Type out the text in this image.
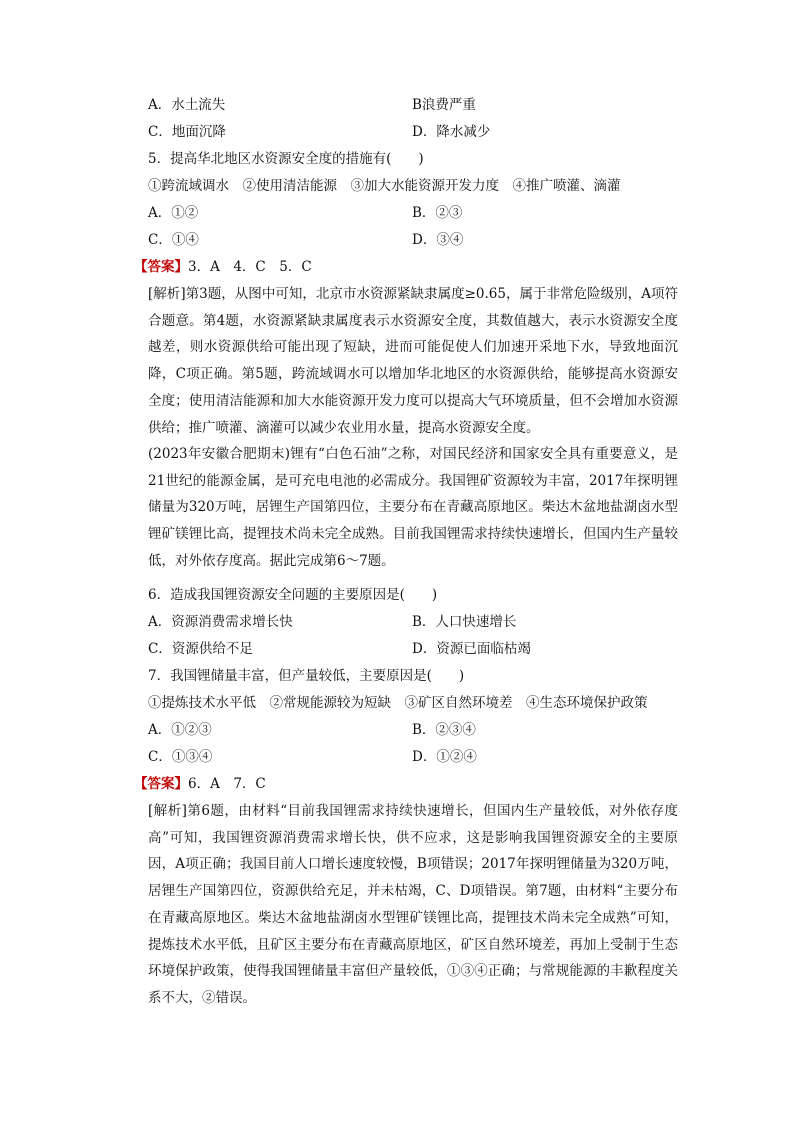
A．水土流失	B浪费严重
C．地面沉降	D．降水减少
5．提高华北地区水资源安全度的措施有(　　)
①跨流域调水　②使用清洁能源　③加大水能资源开发力度　④推广喷灌、滴灌
A．①②	B．②③
C．①④	D．③④
【答案】3．A　4．C　5．C

[解析]第3题，从图中可知，北京市水资源紧缺隶属度≥0.65，属于非常危险级别，A项符合题意。第4题，水资源紧缺隶属度表示水资源安全度，其数值越大，表示水资源安全度越差，则水资源供给可能出现了短缺，进而可能促使人们加速开采地下水，导致地面沉降，C项正确。第5题，跨流域调水可以增加华北地区的水资源供给，能够提高水资源安全度；使用清洁能源和加大水能资源开发力度可以提高大气环境质量，但不会增加水资源供给；推广喷灌、滴灌可以减少农业用水量，提高水资源安全度。

(2023年安徽合肥期末)锂有“白色石油”之称，对国民经济和国家安全具有重要意义，是21世纪的能源金属，是可充电电池的必需成分。我国锂矿资源较为丰富，2017年探明锂储量为320万吨，居锂生产国第四位，主要分布在青藏高原地区。柴达木盆地盐湖卤水型锂矿镁锂比高，提锂技术尚未完全成熟。目前我国锂需求持续快速增长，但国内生产量较低，对外依存度高。据此完成第6～7题。

6．造成我国锂资源安全问题的主要原因是(　　)
A．资源消费需求增长快	B．人口快速增长
C．资源供给不足	D．资源已面临枯竭
7．我国锂储量丰富，但产量较低，主要原因是(　　)
①提炼技术水平低　②常规能源较为短缺　③矿区自然环境差　④生态环境保护政策
A．①②③	B．②③④
C．①③④	D．①②④
【答案】6．A　7．C

[解析]第6题，由材料“目前我国锂需求持续快速增长，但国内生产量较低，对外依存度高”可知，我国锂资源消费需求增长快，供不应求，这是影响我国锂资源安全的主要原因，A项正确；我国目前人口增长速度较慢，B项错误；2017年探明锂储量为320万吨，居锂生产国第四位，资源供给充足，并未枯竭，C、D项错误。第7题，由材料“主要分布在青藏高原地区。柴达木盆地盐湖卤水型锂矿镁锂比高，提锂技术尚未完全成熟”可知，提炼技术水平低，且矿区主要分布在青藏高原地区，矿区自然环境差，再加上受制于生态环境保护政策，使得我国锂储量丰富但产量较低，①③④正确；与常规能源的丰歉程度关系不大，②错误。
